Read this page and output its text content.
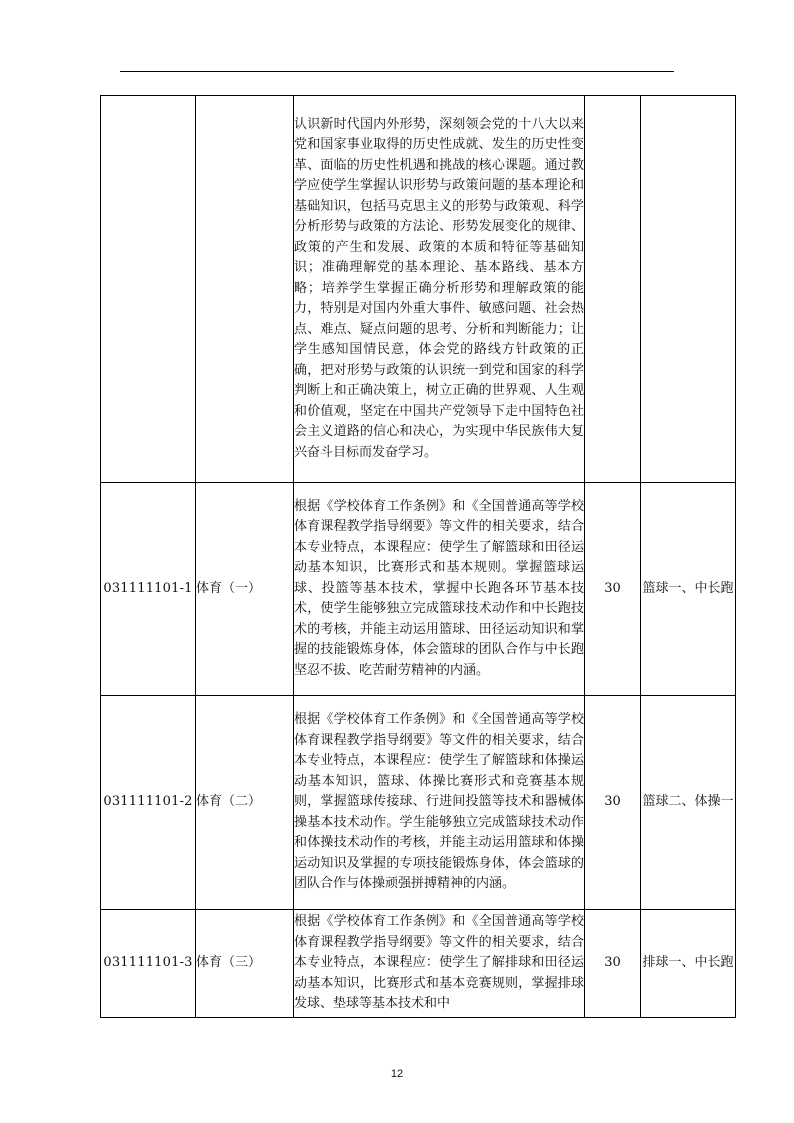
		认识新时代国内外形势，深刻领会党的十八大以来党和国家事业取得的历史性成就、发生的历史性变革、面临的历史性机遇和挑战的核心课题。通过教学应使学生掌握认识形势与政策问题的基本理论和基础知识，包括马克思主义的形势与政策观、科学分析形势与政策的方法论、形势发展变化的规律、政策的产生和发展、政策的本质和特征等基础知识；准确理解党的基本理论、基本路线、基本方略；培养学生掌握正确分析形势和理解政策的能力，特别是对国内外重大事件、敏感问题、社会热点、难点、疑点问题的思考、分析和判断能力；让学生感知国情民意，体会党的路线方针政策的正确，把对形势与政策的认识统一到党和国家的科学判断上和正确决策上，树立正确的世界观、人生观和价值观，坚定在中国共产党领导下走中国特色社会主义道路的信心和决心，为实现中华民族伟大复兴奋斗目标而发奋学习。		
031111101-1	体育（一）	根据《学校体育工作条例》和《全国普通高等学校体育课程教学指导纲要》等文件的相关要求，结合本专业特点，本课程应：使学生了解篮球和田径运动基本知识，比赛形式和基本规则。掌握篮球运球、投篮等基本技术，掌握中长跑各环节基本技术，使学生能够独立完成篮球技术动作和中长跑技术的考核，并能主动运用篮球、田径运动知识和掌握的技能锻炼身体，体会篮球的团队合作与中长跑坚忍不拔、吃苦耐劳精神的内涵。	30	篮球一、中长跑
031111101-2	体育（二）	根据《学校体育工作条例》和《全国普通高等学校体育课程教学指导纲要》等文件的相关要求，结合本专业特点，本课程应：使学生了解篮球和体操运动基本知识，篮球、体操比赛形式和竞赛基本规则，掌握篮球传接球、行进间投篮等技术和器械体操基本技术动作。学生能够独立完成篮球技术动作和体操技术动作的考核，并能主动运用篮球和体操运动知识及掌握的专项技能锻炼身体，体会篮球的团队合作与体操顽强拼搏精神的内涵。	30	篮球二、体操一
031111101-3	体育（三）	根据《学校体育工作条例》和《全国普通高等学校体育课程教学指导纲要》等文件的相关要求，结合本专业特点，本课程应：使学生了解排球和田径运动基本知识，比赛形式和基本竞赛规则，掌握排球发球、垫球等基本技术和中	30	排球一、中长跑
12
